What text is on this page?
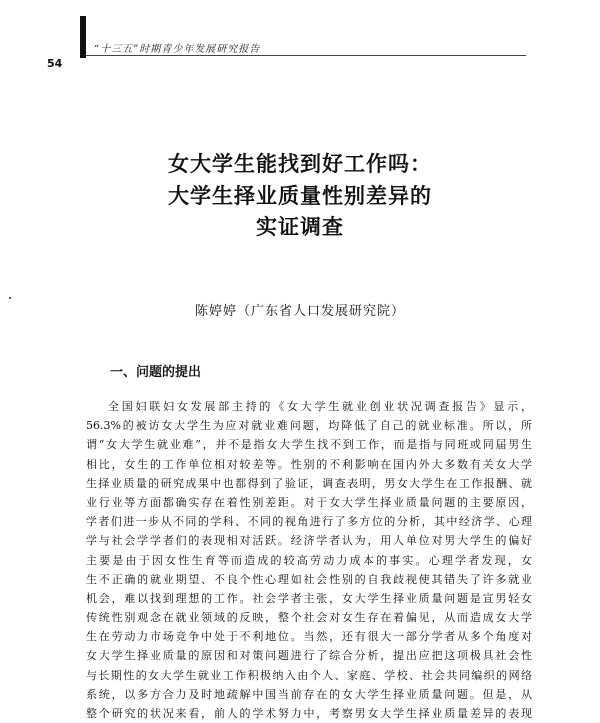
“十三五”时期青少年发展研究报告
54
女大学生能找到好工作吗：
大学生择业质量性别差异的
实证调查
陈婷婷（广东省人口发展研究院）
一、问题的提出
全国妇联妇女发展部主持的《女大学生就业创业状况调查报告》显示，
56.3%的被访女大学生为应对就业难问题，均降低了自己的就业标准。所以，所
谓“女大学生就业难”，并不是指女大学生找不到工作，而是指与同班或同届男生
相比，女生的工作单位相对较差等。性别的不利影响在国内外大多数有关女大学
生择业质量的研究成果中也都得到了验证，调查表明，男女大学生在工作报酬、就
业行业等方面都确实存在着性别差距。对于女大学生择业质量问题的主要原因，
学者们进一步从不同的学科、不同的视角进行了多方位的分析，其中经济学、心理
学与社会学学者们的表现相对活跃。经济学者认为，用人单位对男大学生的偏好
主要是由于因女性生育等而造成的较高劳动力成本的事实。心理学者发现，女
生不正确的就业期望、不良个性心理如社会性别的自我歧视使其错失了许多就业
机会，难以找到理想的工作。社会学者主张，女大学生择业质量问题是宣男轻女
传统性别观念在就业领域的反映，整个社会对女生存在着偏见，从而造成女大学
生在劳动力市场竞争中处于不利地位。当然，还有很大一部分学者从多个角度对
女大学生择业质量的原因和对策问题进行了综合分析，提出应把这项极具社会性
与长期性的女大学生就业工作积极纳入由个人、家庭、学校、社会共同编织的网络
系统，以多方合力及时地疏解中国当前存在的女大学生择业质量问题。但是，从
整个研究的状况来看，前人的学术努力中，考察男女大学生择业质量差异的表现
